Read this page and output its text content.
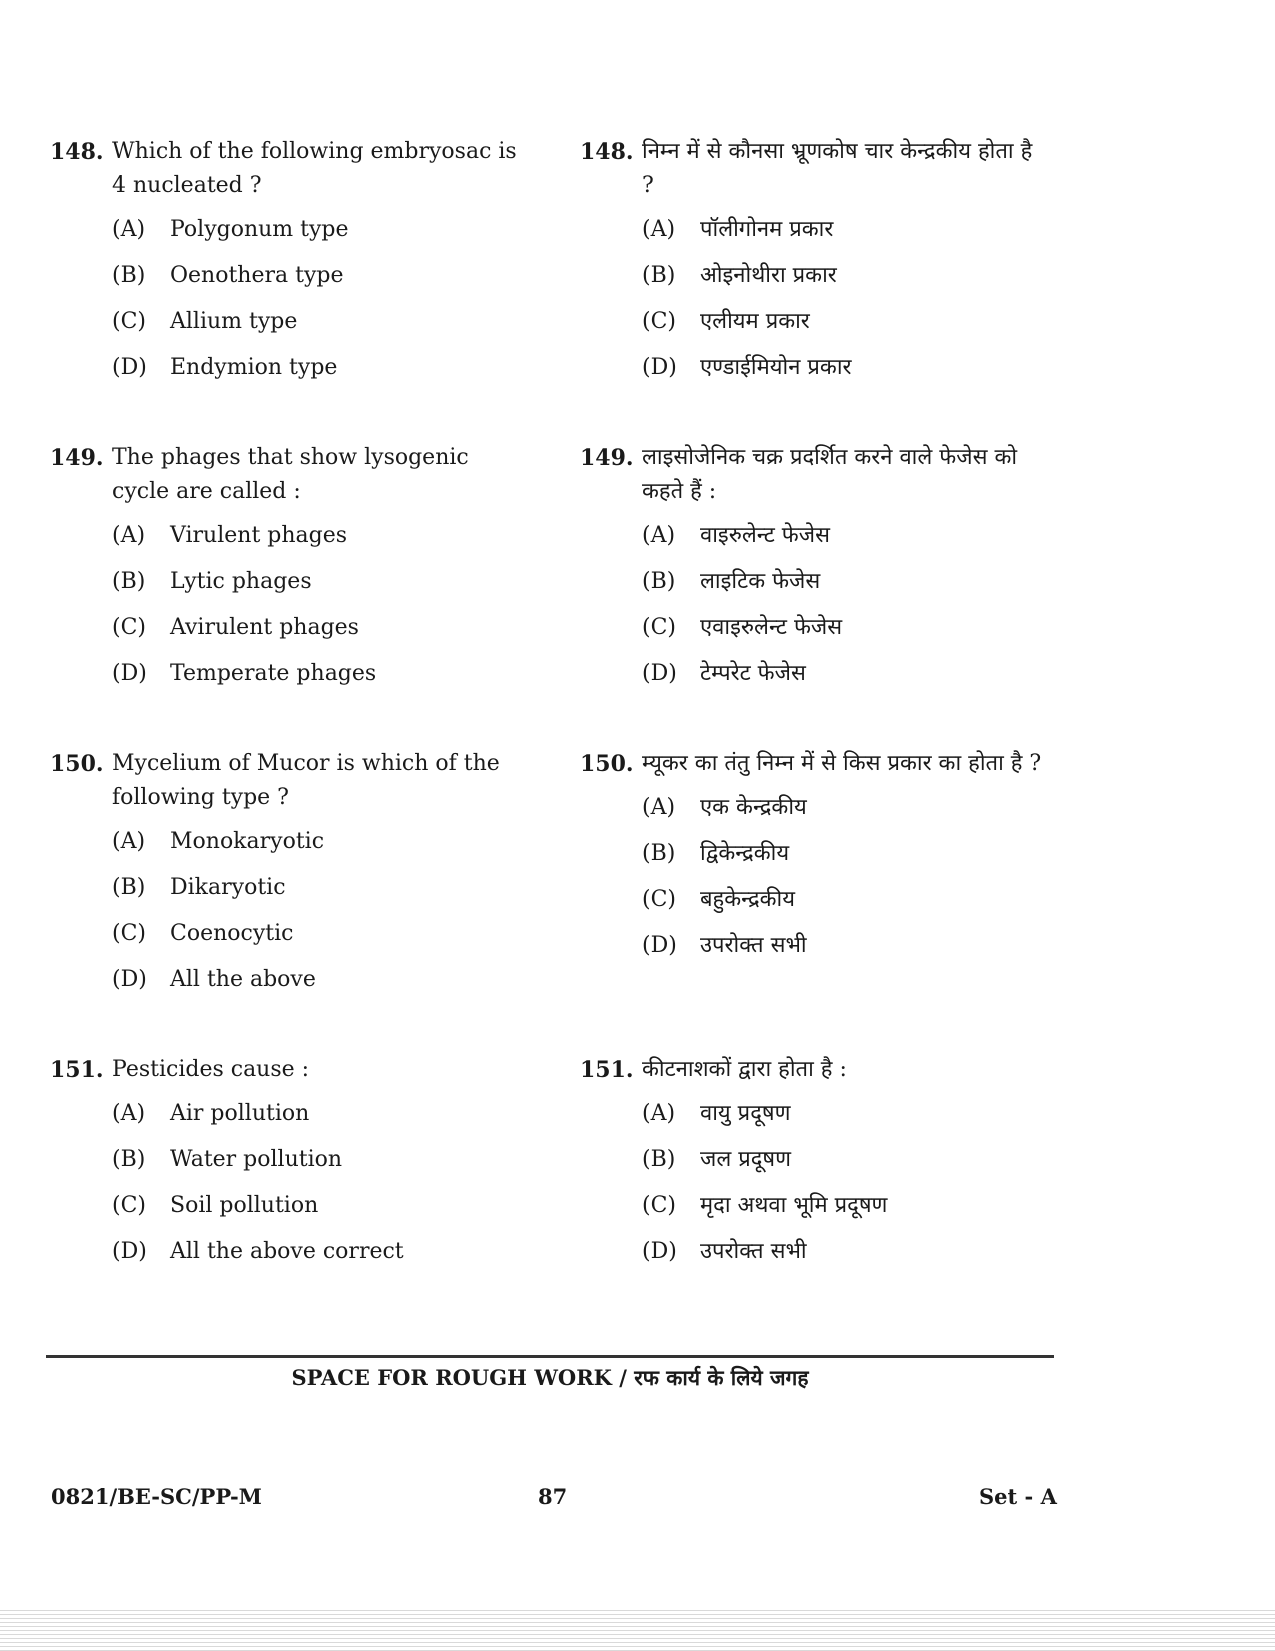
148. Which of the following embryosac is 4 nucleated ?
(A)	Polygonum type
(B)	Oenothera type
(C)	Allium type
(D)	Endymion type
149. The phages that show lysogenic cycle are called :
(A)	Virulent phages
(B)	Lytic phages
(C)	Avirulent phages
(D)	Temperate phages
150. Mycelium of Mucor is which of the following type ?
(A)	Monokaryotic
(B)	Dikaryotic
(C)	Coenocytic
(D)	All the above
151. Pesticides cause :
(A)	Air pollution
(B)	Water pollution
(C)	Soil pollution
(D)	All the above correct
148. निम्न में से कौनसा भ्रूणकोष चार केन्द्रकीय होता है ?
(A)	पॉलीगोनम प्रकार
(B)	ओइनोथीरा प्रकार
(C)	एलीयम प्रकार
(D)	एण्डाईमियोन प्रकार
149. लाइसोजेनिक चक्र प्रदर्शित करने वाले फेजेस को कहते हैं :
(A)	वाइरुलेन्ट फेजेस
(B)	लाइटिक फेजेस
(C)	एवाइरुलेन्ट फेजेस
(D)	टेम्परेट फेजेस
150. म्यूकर का तंतु निम्न में से किस प्रकार का होता है ?
(A)	एक केन्द्रकीय
(B)	द्विकेन्द्रकीय
(C)	बहुकेन्द्रकीय
(D)	उपरोक्त सभी
151. कीटनाशकों द्वारा होता है :
(A)	वायु प्रदूषण
(B)	जल प्रदूषण
(C)	मृदा अथवा भूमि प्रदूषण
(D)	उपरोक्त सभी
SPACE FOR ROUGH WORK / रफ कार्य के लिये जगह
0821/BE-SC/PP-M	87	Set - A
